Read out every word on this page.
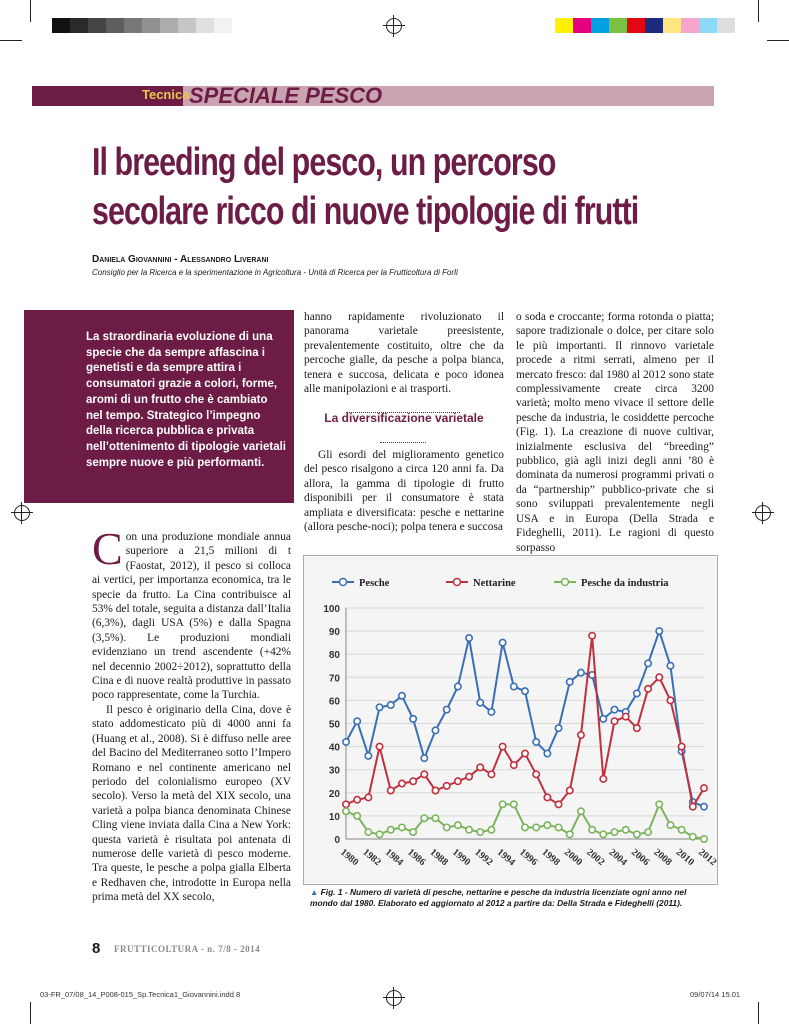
Tecnica SPECIALE PESCO
Il breeding del pesco, un percorso
secolare ricco di nuove tipologie di frutti
Daniela Giovannini - Alessandro Liverani
Consiglio per la Ricerca e la sperimentazione in Agricoltura - Unità di Ricerca per la Frutticoltura di Forlì

La straordinaria evoluzione di una specie che da sempre affascina i genetisti e da sempre attira i consumatori grazie a colori, forme, aromi di un frutto che è cambiato nel tempo. Strategico l’impegno della ricerca pubblica e privata nell’ottenimento di tipologie varietali sempre nuove e più performanti.

Con una produzione mondiale annua superiore a 21,5 milioni di t (Faostat, 2012), il pesco si colloca ai vertici, per importanza economica, tra le specie da frutto. La Cina contribuisce al 53% del totale, seguita a distanza dall’Italia (6,3%), dagli USA (5%) e dalla Spagna (3,5%). Le produzioni mondiali evidenziano un trend ascendente (+42% nel decennio 2002÷2012), soprattutto della Cina e di nuove realtà produttive in passato poco rappresentate, come la Turchia.

Il pesco è originario della Cina, dove è stato addomesticato più di 4000 anni fa (Huang et al., 2008). Si è diffuso nelle aree del Bacino del Mediterraneo sotto l’Impero Romano e nel continente americano nel periodo del colonialismo europeo (XV secolo). Verso la metà del XIX secolo, una varietà a polpa bianca denominata Chinese Cling viene inviata dalla Cina a New York: questa varietà è risultata poi antenata di numerose delle varietà di pesco moderne. Tra queste, le pesche a polpa gialla Elberta e Redhaven che, introdotte in Europa nella prima metà del XX secolo,

hanno rapidamente rivoluzionato il panorama varietale preesistente, prevalentemente costituito, oltre che da percoche gialle, da pesche a polpa bianca, tenera e succosa, delicata e poco idonea alle manipolazioni e ai trasporti.

La diversificazione varietale

Gli esordi del miglioramento genetico del pesco risalgono a circa 120 anni fa. Da allora, la gamma di tipologie di frutto disponibili per il consumatore è stata ampliata e diversificata: pesche e nettarine (allora pesche-noci); polpa tenera e succosa

o soda e croccante; forma rotonda o piatta; sapore tradizionale o dolce, per citare solo le più importanti. Il rinnovo varietale procede a ritmi serrati, almeno per il mercato fresco: dal 1980 al 2012 sono state complessivamente create circa 3200 varietà; molto meno vivace il settore delle pesche da industria, le cosiddette percoche (Fig. 1). La creazione di nuove cultivar, inizialmente esclusiva del “breeding” pubblico, già agli inizi degli anni ’80 è dominata da numerosi programmi privati o da “partnership” pubblico-private che si sono sviluppati prevalentemente negli USA e in Europa (Della Strada e Fideghelli, 2011). Le ragioni di questo sorpasso

0
10
20
30
40
50
60
70
80
90
100
1980 1982 1984 1986 1988 1990 1992 1994 1996 1998 2000 2002 2004 2006 2008 2010 2012
Pesche	Nettarine	Pesche da industria
▲ Fig. 1 - Numero di varietà di pesche, nettarine e pesche da industria licenziate ogni anno nel mondo dal 1980. Elaborato ed aggiornato al 2012 a partire da: Della Strada e Fideghelli (2011).
8 FRUTTICOLTURA - n. 7/8 - 2014
03-FR_07/08_14_P008-015_Sp.Tecnica1_Giovannini.indd 8	09/07/14 15.01
